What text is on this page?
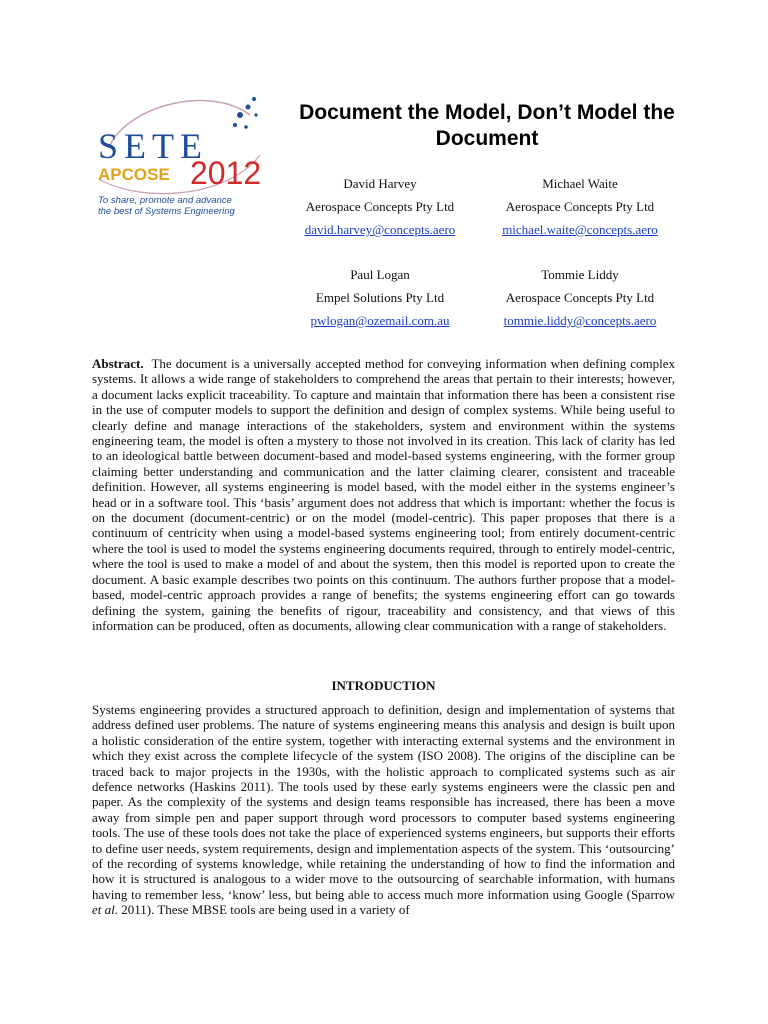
SETE
APCOSE 2012
To share, promote and advance
the best of Systems Engineering
Document the Model, Don’t Model the Document
David Harvey
Aerospace Concepts Pty Ltd
david.harvey@concepts.aero
Michael Waite
Aerospace Concepts Pty Ltd
michael.waite@concepts.aero
Paul Logan
Empel Solutions Pty Ltd
pwlogan@ozemail.com.au
Tommie Liddy
Aerospace Concepts Pty Ltd
tommie.liddy@concepts.aero
Abstract. The document is a universally accepted method for conveying information when defining complex systems. It allows a wide range of stakeholders to comprehend the areas that pertain to their interests; however, a document lacks explicit traceability. To capture and maintain that information there has been a consistent rise in the use of computer models to support the definition and design of complex systems. While being useful to clearly define and manage interactions of the stakeholders, system and environment within the systems engineering team, the model is often a mystery to those not involved in its creation. This lack of clarity has led to an ideological battle between document-based and model-based systems engineering, with the former group claiming better understanding and communication and the latter claiming clearer, consistent and traceable definition. However, all systems engineering is model based, with the model either in the systems engineer’s head or in a software tool. This ‘basis’ argument does not address that which is important: whether the focus is on the document (document-centric) or on the model (model-centric). This paper proposes that there is a continuum of centricity when using a model-based systems engineering tool; from entirely document-centric where the tool is used to model the systems engineering documents required, through to entirely model-centric, where the tool is used to make a model of and about the system, then this model is reported upon to create the document. A basic example describes two points on this continuum. The authors further propose that a model-based, model-centric approach provides a range of benefits; the systems engineering effort can go towards defining the system, gaining the benefits of rigour, traceability and consistency, and that views of this information can be produced, often as documents, allowing clear communication with a range of stakeholders.
INTRODUCTION
Systems engineering provides a structured approach to definition, design and implementation of systems that address defined user problems. The nature of systems engineering means this analysis and design is built upon a holistic consideration of the entire system, together with interacting external systems and the environment in which they exist across the complete lifecycle of the system (ISO 2008). The origins of the discipline can be traced back to major projects in the 1930s, with the holistic approach to complicated systems such as air defence networks (Haskins 2011). The tools used by these early systems engineers were the classic pen and paper. As the complexity of the systems and design teams responsible has increased, there has been a move away from simple pen and paper support through word processors to computer based systems engineering tools. The use of these tools does not take the place of experienced systems engineers, but supports their efforts to define user needs, system requirements, design and implementation aspects of the system. This ‘outsourcing’ of the recording of systems knowledge, while retaining the understanding of how to find the information and how it is structured is analogous to a wider move to the outsourcing of searchable information, with humans having to remember less, ‘know’ less, but being able to access much more information using Google (Sparrow et al. 2011). These MBSE tools are being used in a variety of
